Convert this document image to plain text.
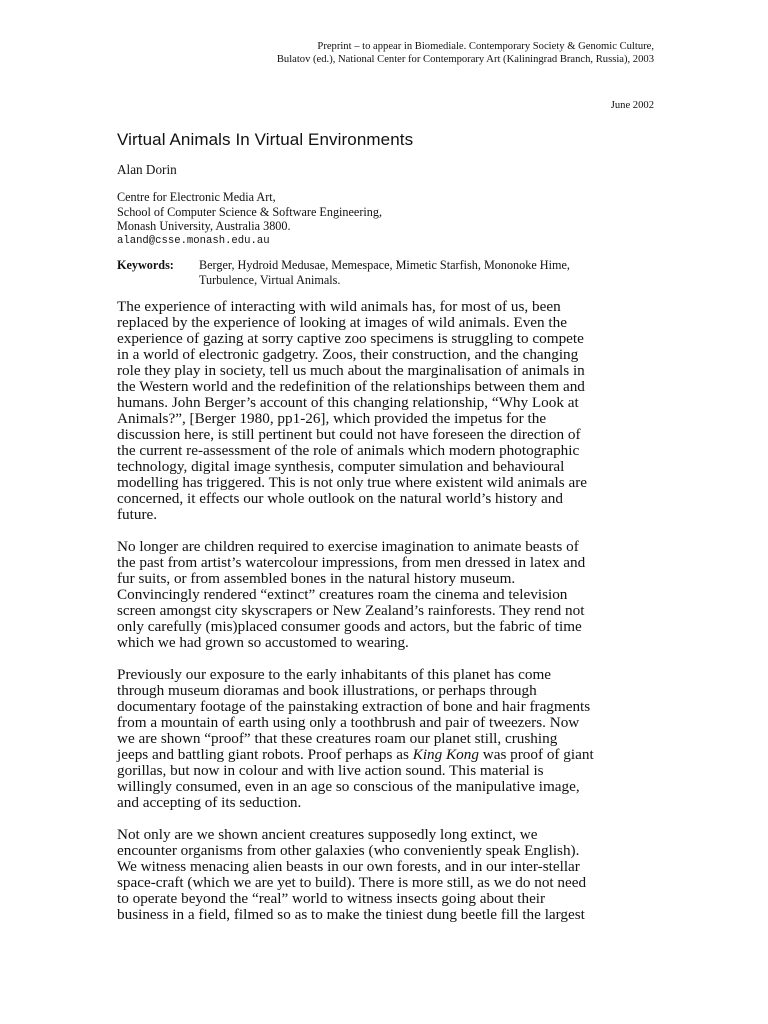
Preprint – to appear in Biomediale. Contemporary Society & Genomic Culture,
Bulatov (ed.), National Center for Contemporary Art (Kaliningrad Branch, Russia), 2003
June 2002
Virtual Animals In Virtual Environments
Alan Dorin
Centre for Electronic Media Art,
School of Computer Science & Software Engineering,
Monash University, Australia 3800.
aland@csse.monash.edu.au
Keywords: Berger, Hydroid Medusae, Memespace, Mimetic Starfish, Mononoke Hime,
Turbulence, Virtual Animals.

The experience of interacting with wild animals has, for most of us, been
replaced by the experience of looking at images of wild animals. Even the
experience of gazing at sorry captive zoo specimens is struggling to compete
in a world of electronic gadgetry. Zoos, their construction, and the changing
role they play in society, tell us much about the marginalisation of animals in
the Western world and the redefinition of the relationships between them and
humans. John Berger’s account of this changing relationship, “Why Look at
Animals?”, [Berger 1980, pp1-26], which provided the impetus for the
discussion here, is still pertinent but could not have foreseen the direction of
the current re-assessment of the role of animals which modern photographic
technology, digital image synthesis, computer simulation and behavioural
modelling has triggered. This is not only true where existent wild animals are
concerned, it effects our whole outlook on the natural world’s history and
future.

No longer are children required to exercise imagination to animate beasts of
the past from artist’s watercolour impressions, from men dressed in latex and
fur suits, or from assembled bones in the natural history museum.
Convincingly rendered “extinct” creatures roam the cinema and television
screen amongst city skyscrapers or New Zealand’s rainforests. They rend not
only carefully (mis)placed consumer goods and actors, but the fabric of time
which we had grown so accustomed to wearing.

Previously our exposure to the early inhabitants of this planet has come
through museum dioramas and book illustrations, or perhaps through
documentary footage of the painstaking extraction of bone and hair fragments
from a mountain of earth using only a toothbrush and pair of tweezers. Now
we are shown “proof” that these creatures roam our planet still, crushing
jeeps and battling giant robots. Proof perhaps as King Kong was proof of giant
gorillas, but now in colour and with live action sound. This material is
willingly consumed, even in an age so conscious of the manipulative image,
and accepting of its seduction.

Not only are we shown ancient creatures supposedly long extinct, we
encounter organisms from other galaxies (who conveniently speak English).
We witness menacing alien beasts in our own forests, and in our inter-stellar
space-craft (which we are yet to build). There is more still, as we do not need
to operate beyond the “real” world to witness insects going about their
business in a field, filmed so as to make the tiniest dung beetle fill the largest
